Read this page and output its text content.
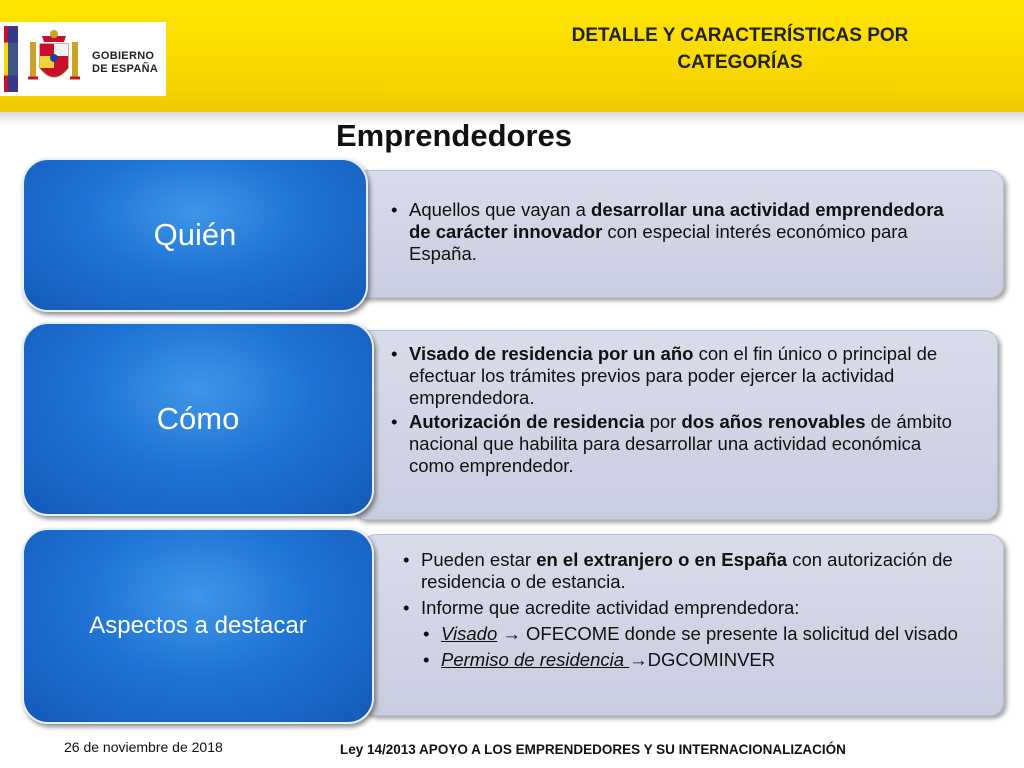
GOBIERNO
DE ESPAÑA
DETALLE Y CARACTERÍSTICAS POR
CATEGORÍAS
Emprendedores
• Aquellos que vayan a desarrollar una actividad emprendedora de carácter innovador con especial interés económico para España.
Quién
• Visado de residencia por un año con el fin único o principal de efectuar los trámites previos para poder ejercer la actividad emprendedora.
• Autorización de residencia por dos años renovables de ámbito nacional que habilita para desarrollar una actividad económica como emprendedor.
Cómo
• Pueden estar en el extranjero o en España con autorización de residencia o de estancia.
• Informe que acredite actividad emprendedora:
• Visado → OFECOME donde se presente la solicitud del visado
• Permiso de residencia →DGCOMINVER
Aspectos a destacar
26 de noviembre de 2018	Ley 14/2013 APOYO A LOS EMPRENDEDORES Y SU INTERNACIONALIZACIÓN
